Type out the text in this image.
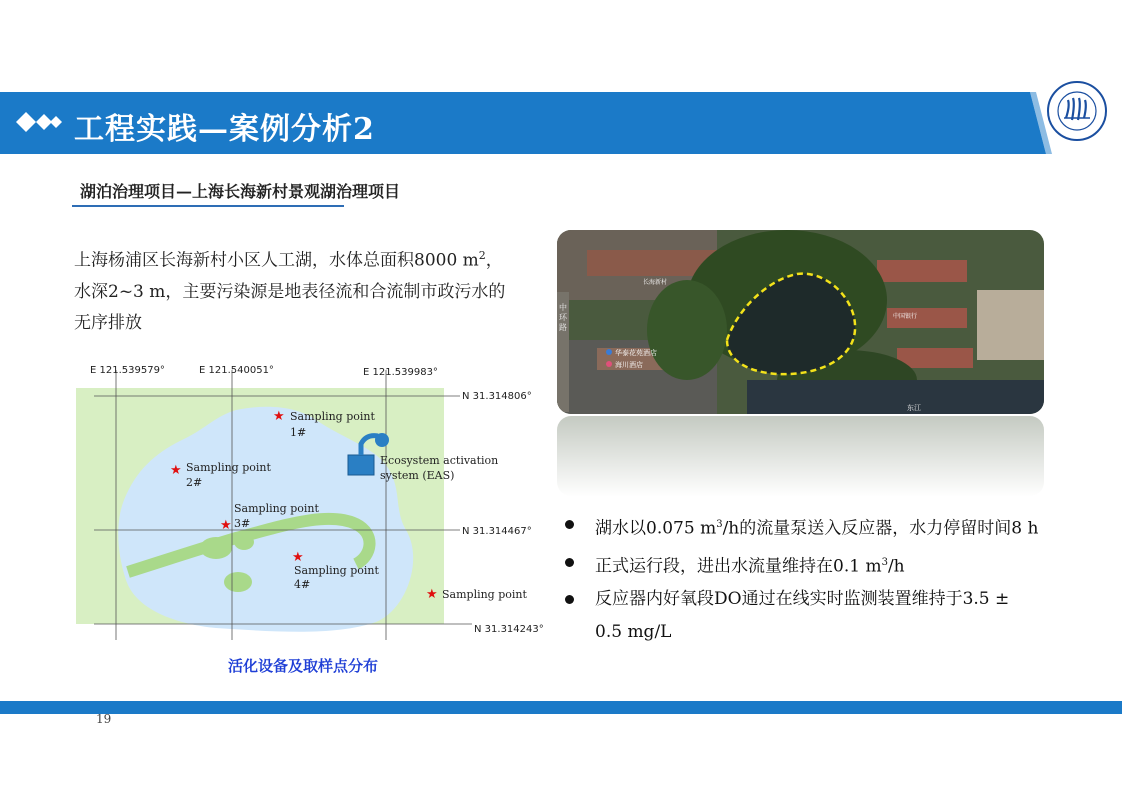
工程实践—案例分析2
湖泊治理项目—上海长海新村景观湖治理项目
上海杨浦区长海新村小区人工湖，水体总面积8000 $m^2$，
水深2~3 m，主要污染源是地表径流和合流制市政污水的
无序排放
E 121.539579°	E 121.540051°	E 121.539983°
N 31.314806°
N 31.314467°
N 31.314243°
★ Sampling point
1#
★ Sampling point
2#
Sampling point
★ 3#
★
Sampling point
4#
★ Sampling point
Ecosystem activation
system (EAS)
活化设备及取样点分布
中
环
路
华泰花苑酒店
海川酒店
中国银行
长海新村
东江
湖水以0.075 $m^3/h$的流量泵送入反应器，水力停留时间8 h
正式运行段，进出水流量维持在0.1 $m^3/h$
反应器内好氧段DO通过在线实时监测装置维持于3.5 ±
0.5 mg/L
19
